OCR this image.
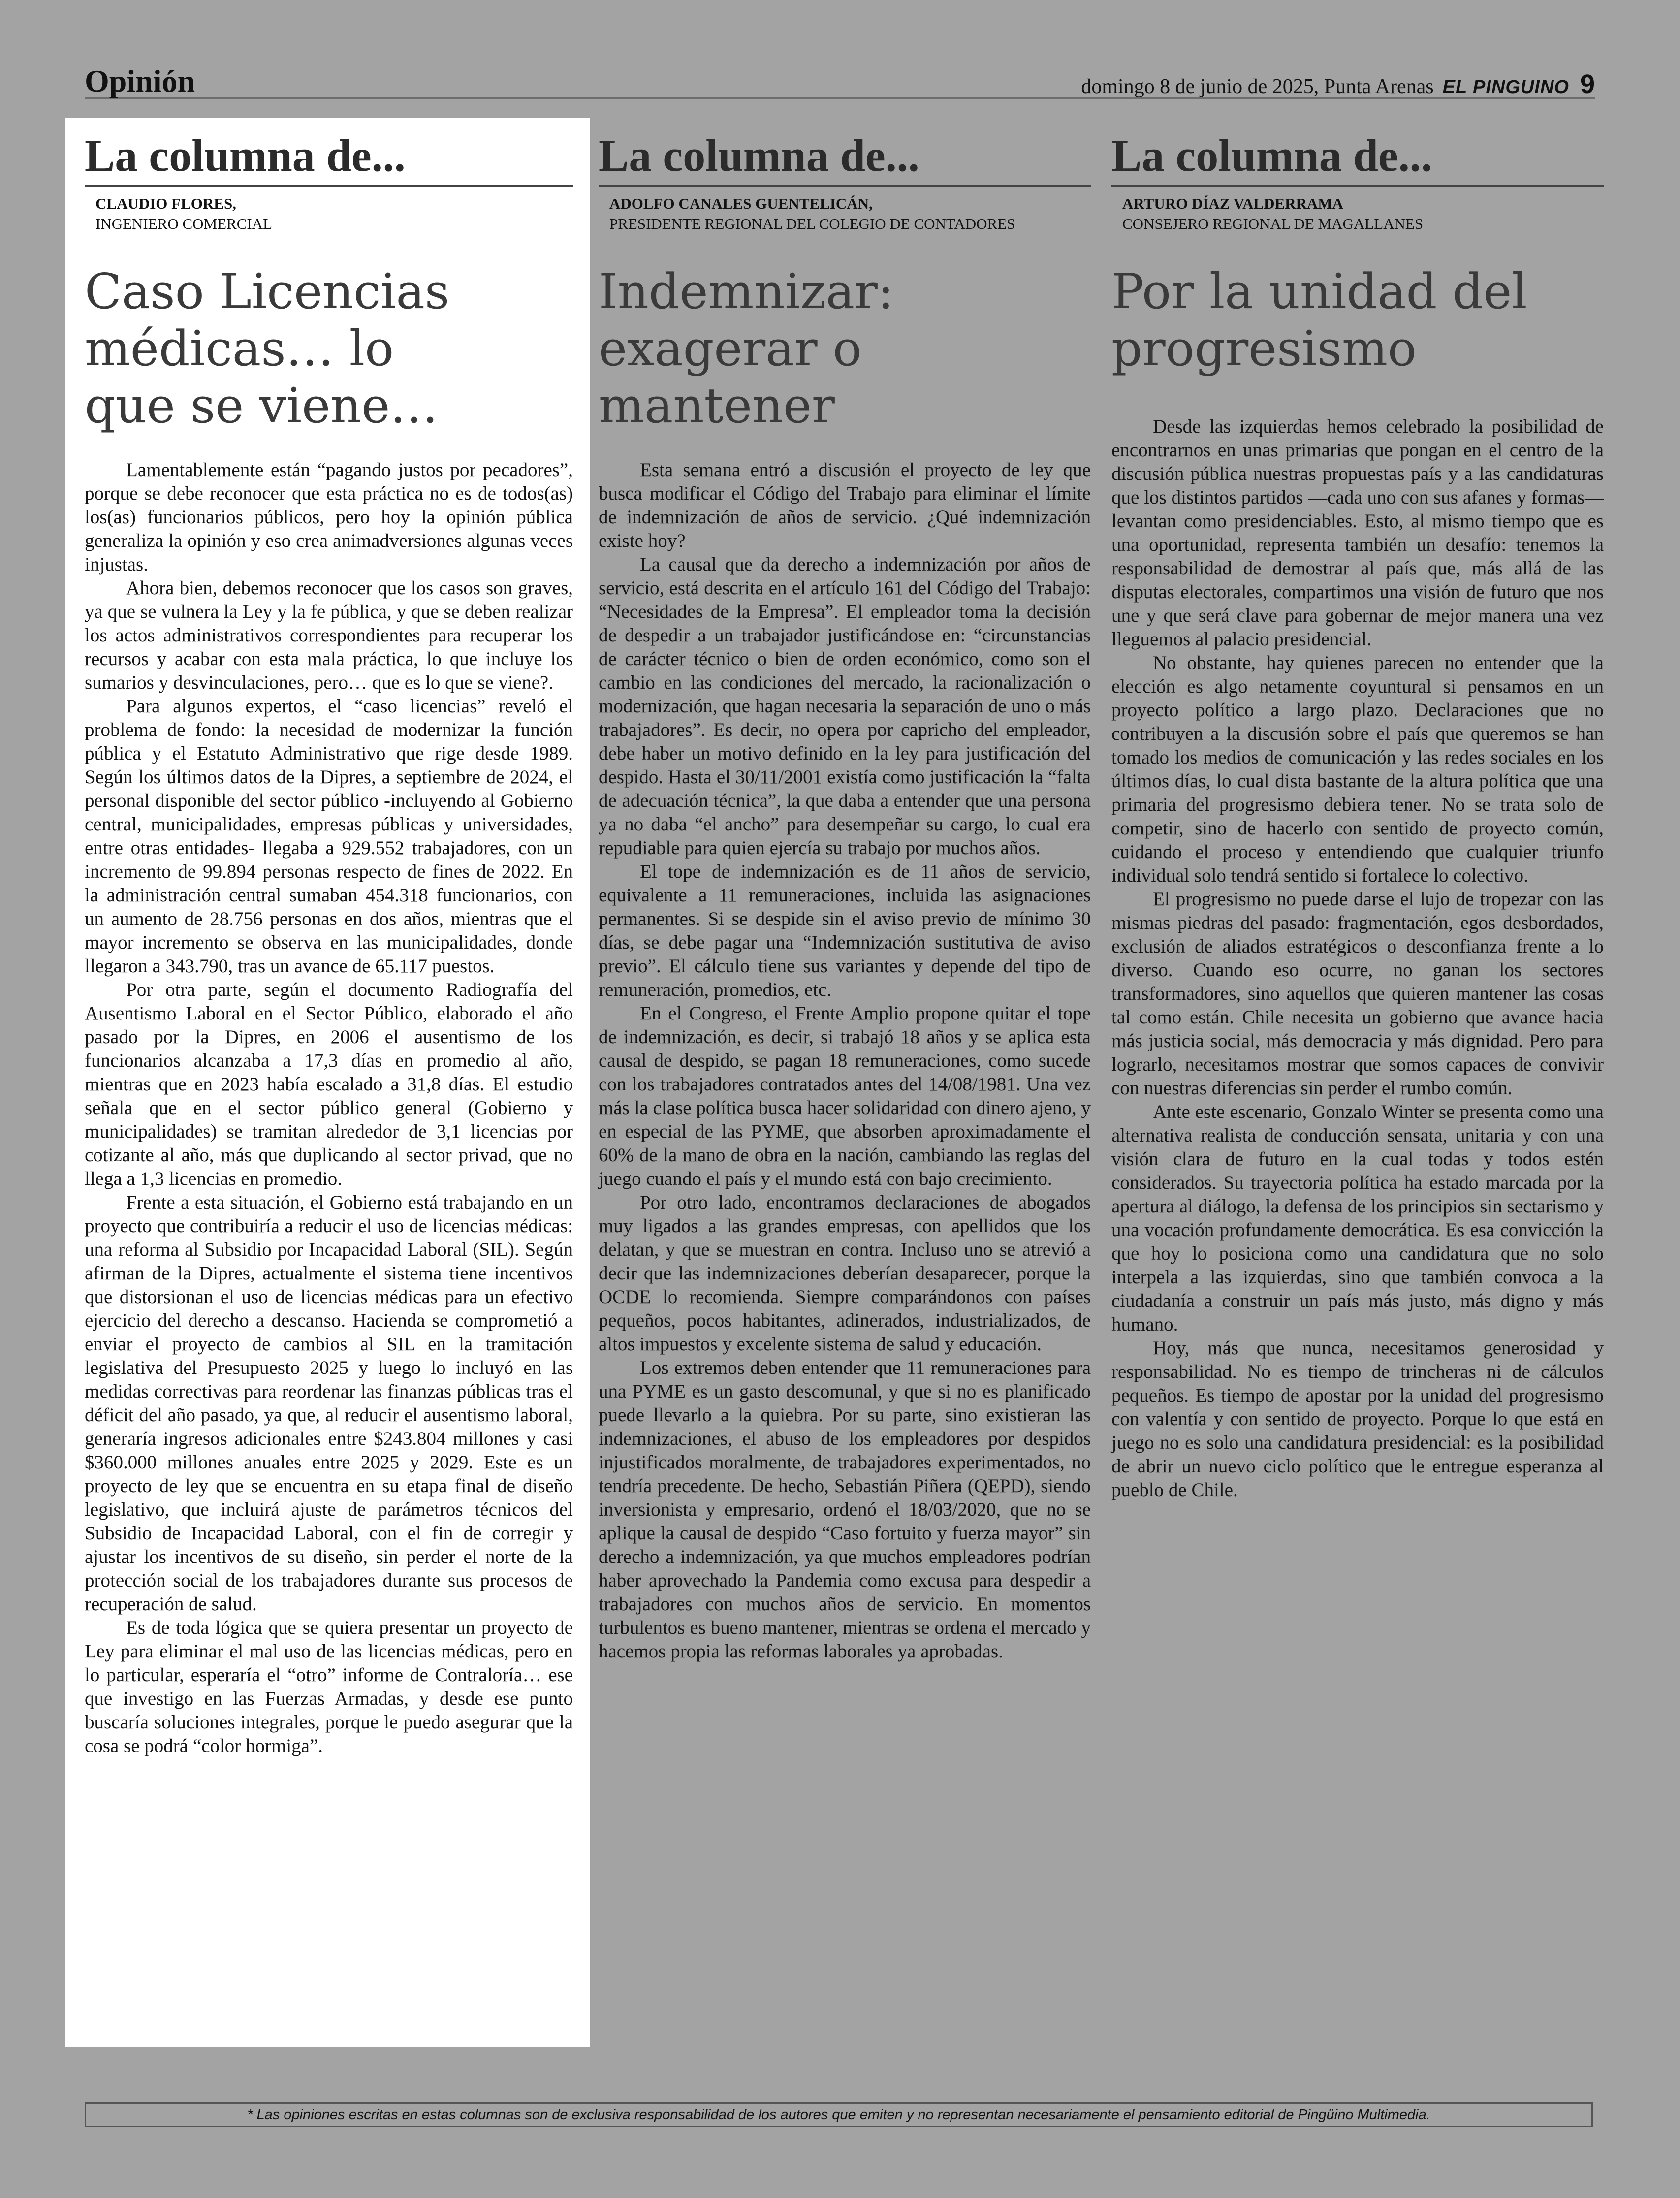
Opinión	domingo 8 de junio de 2025, Punta Arenas EL PINGUINO 9
La columna de...
CLAUDIO FLORES,
INGENIERO COMERCIAL
Caso Licencias
médicas… lo
que se viene…

Lamentablemente están “pagando justos por pecadores”, porque se debe reconocer que esta práctica no es de todos(as) los(as) funcionarios públicos, pero hoy la opinión pública generaliza la opinión y eso crea animadversiones algunas veces injustas.

Ahora bien, debemos reconocer que los casos son graves, ya que se vulnera la Ley y la fe pública, y que se deben realizar los actos administrativos correspondientes para recuperar los recursos y acabar con esta mala práctica, lo que incluye los sumarios y desvinculaciones, pero… que es lo que se viene?.

Para algunos expertos, el “caso licencias” reveló el problema de fondo: la necesidad de modernizar la función pública y el Estatuto Administrativo que rige desde 1989. Según los últimos datos de la Dipres, a septiembre de 2024, el personal disponible del sector público -incluyendo al Gobierno central, municipalidades, empresas públicas y universidades, entre otras entidades- llegaba a 929.552 trabajadores, con un incremento de 99.894 personas respecto de fines de 2022. En la administración central sumaban 454.318 funcionarios, con un aumento de 28.756 personas en dos años, mientras que el mayor incremento se observa en las municipalidades, donde llegaron a 343.790, tras un avance de 65.117 puestos.

Por otra parte, según el documento Radiografía del Ausentismo Laboral en el Sector Público, elaborado el año pasado por la Dipres, en 2006 el ausentismo de los funcionarios alcanzaba a 17,3 días en promedio al año, mientras que en 2023 había escalado a 31,8 días. El estudio señala que en el sector público general (Gobierno y municipalidades) se tramitan alrededor de 3,1 licencias por cotizante al año, más que duplicando al sector privad, que no llega a 1,3 licencias en promedio.

Frente a esta situación, el Gobierno está trabajando en un proyecto que contribuiría a reducir el uso de licencias médicas: una reforma al Subsidio por Incapacidad Laboral (SIL). Según afirman de la Dipres, actualmente el sistema tiene incentivos que distorsionan el uso de licencias médicas para un efectivo ejercicio del derecho a descanso. Hacienda se comprometió a enviar el proyecto de cambios al SIL en la tramitación legislativa del Presupuesto 2025 y luego lo incluyó en las medidas correctivas para reordenar las finanzas públicas tras el déficit del año pasado, ya que, al reducir el ausentismo laboral, generaría ingresos adicionales entre $243.804 millones y casi $360.000 millones anuales entre 2025 y 2029. Este es un proyecto de ley que se encuentra en su etapa final de diseño legislativo, que incluirá ajuste de parámetros técnicos del Subsidio de Incapacidad Laboral, con el fin de corregir y ajustar los incentivos de su diseño, sin perder el norte de la protección social de los trabajadores durante sus procesos de recuperación de salud.

Es de toda lógica que se quiera presentar un proyecto de Ley para eliminar el mal uso de las licencias médicas, pero en lo particular, esperaría el “otro” informe de Contraloría… ese que investigo en las Fuerzas Armadas, y desde ese punto buscaría soluciones integrales, porque le puedo asegurar que la cosa se podrá “color hormiga”.

La columna de...
ADOLFO CANALES GUENTELICÁN,
PRESIDENTE REGIONAL DEL COLEGIO DE CONTADORES
Indemnizar:
exagerar o
mantener

Esta semana entró a discusión el proyecto de ley que busca modificar el Código del Trabajo para eliminar el límite de indemnización de años de servicio. ¿Qué indemnización existe hoy?

La causal que da derecho a indemnización por años de servicio, está descrita en el artículo 161 del Código del Trabajo: “Necesidades de la Empresa”. El empleador toma la decisión de despedir a un trabajador justificándose en: “circunstancias de carácter técnico o bien de orden económico, como son el cambio en las condiciones del mercado, la racionalización o modernización, que hagan necesaria la separación de uno o más trabajadores”. Es decir, no opera por capricho del empleador, debe haber un motivo definido en la ley para justificación del despido. Hasta el 30/11/2001 existía como justificación la “falta de adecuación técnica”, la que daba a entender que una persona ya no daba “el ancho” para desempeñar su cargo, lo cual era repudiable para quien ejercía su trabajo por muchos años.

El tope de indemnización es de 11 años de servicio, equivalente a 11 remuneraciones, incluida las asignaciones permanentes. Si se despide sin el aviso previo de mínimo 30 días, se debe pagar una “Indemnización sustitutiva de aviso previo”. El cálculo tiene sus variantes y depende del tipo de remuneración, promedios, etc.

En el Congreso, el Frente Amplio propone quitar el tope de indemnización, es decir, si trabajó 18 años y se aplica esta causal de despido, se pagan 18 remuneraciones, como sucede con los trabajadores contratados antes del 14/08/1981. Una vez más la clase política busca hacer solidaridad con dinero ajeno, y en especial de las PYME, que absorben aproximadamente el 60% de la mano de obra en la nación, cambiando las reglas del juego cuando el país y el mundo está con bajo crecimiento.

Por otro lado, encontramos declaraciones de abogados muy ligados a las grandes empresas, con apellidos que los delatan, y que se muestran en contra. Incluso uno se atrevió a decir que las indemnizaciones deberían desaparecer, porque la OCDE lo recomienda. Siempre comparándonos con países pequeños, pocos habitantes, adinerados, industrializados, de altos impuestos y excelente sistema de salud y educación.

Los extremos deben entender que 11 remuneraciones para una PYME es un gasto descomunal, y que si no es planificado puede llevarlo a la quiebra. Por su parte, sino existieran las indemnizaciones, el abuso de los empleadores por despidos injustificados moralmente, de trabajadores experimentados, no tendría precedente. De hecho, Sebastián Piñera (QEPD), siendo inversionista y empresario, ordenó el 18/03/2020, que no se aplique la causal de despido “Caso fortuito y fuerza mayor” sin derecho a indemnización, ya que muchos empleadores podrían haber aprovechado la Pandemia como excusa para despedir a trabajadores con muchos años de servicio. En momentos turbulentos es bueno mantener, mientras se ordena el mercado y hacemos propia las reformas laborales ya aprobadas.

La columna de...
ARTURO DÍAZ VALDERRAMA
CONSEJERO REGIONAL DE MAGALLANES
Por la unidad del
progresismo

Desde las izquierdas hemos celebrado la posibilidad de encontrarnos en unas primarias que pongan en el centro de la discusión pública nuestras propuestas país y a las candidaturas que los distintos partidos —cada uno con sus afanes y formas— levantan como presidenciables. Esto, al mismo tiempo que es una oportunidad, representa también un desafío: tenemos la responsabilidad de demostrar al país que, más allá de las disputas electorales, compartimos una visión de futuro que nos une y que será clave para gobernar de mejor manera una vez lleguemos al palacio presidencial.

No obstante, hay quienes parecen no entender que la elección es algo netamente coyuntural si pensamos en un proyecto político a largo plazo. Declaraciones que no contribuyen a la discusión sobre el país que queremos se han tomado los medios de comunicación y las redes sociales en los últimos días, lo cual dista bastante de la altura política que una primaria del progresismo debiera tener. No se trata solo de competir, sino de hacerlo con sentido de proyecto común, cuidando el proceso y entendiendo que cualquier triunfo individual solo tendrá sentido si fortalece lo colectivo.

El progresismo no puede darse el lujo de tropezar con las mismas piedras del pasado: fragmentación, egos desbordados, exclusión de aliados estratégicos o desconfianza frente a lo diverso. Cuando eso ocurre, no ganan los sectores transformadores, sino aquellos que quieren mantener las cosas tal como están. Chile necesita un gobierno que avance hacia más justicia social, más democracia y más dignidad. Pero para lograrlo, necesitamos mostrar que somos capaces de convivir con nuestras diferencias sin perder el rumbo común.

Ante este escenario, Gonzalo Winter se presenta como una alternativa realista de conducción sensata, unitaria y con una visión clara de futuro en la cual todas y todos estén considerados. Su trayectoria política ha estado marcada por la apertura al diálogo, la defensa de los principios sin sectarismo y una vocación profundamente democrática. Es esa convicción la que hoy lo posiciona como una candidatura que no solo interpela a las izquierdas, sino que también convoca a la ciudadanía a construir un país más justo, más digno y más humano.

Hoy, más que nunca, necesitamos generosidad y responsabilidad. No es tiempo de trincheras ni de cálculos pequeños. Es tiempo de apostar por la unidad del progresismo con valentía y con sentido de proyecto. Porque lo que está en juego no es solo una candidatura presidencial: es la posibilidad de abrir un nuevo ciclo político que le entregue esperanza al pueblo de Chile.

* Las opiniones escritas en estas columnas son de exclusiva responsabilidad de los autores que emiten y no representan necesariamente el pensamiento editorial de Pingüino Multimedia.
